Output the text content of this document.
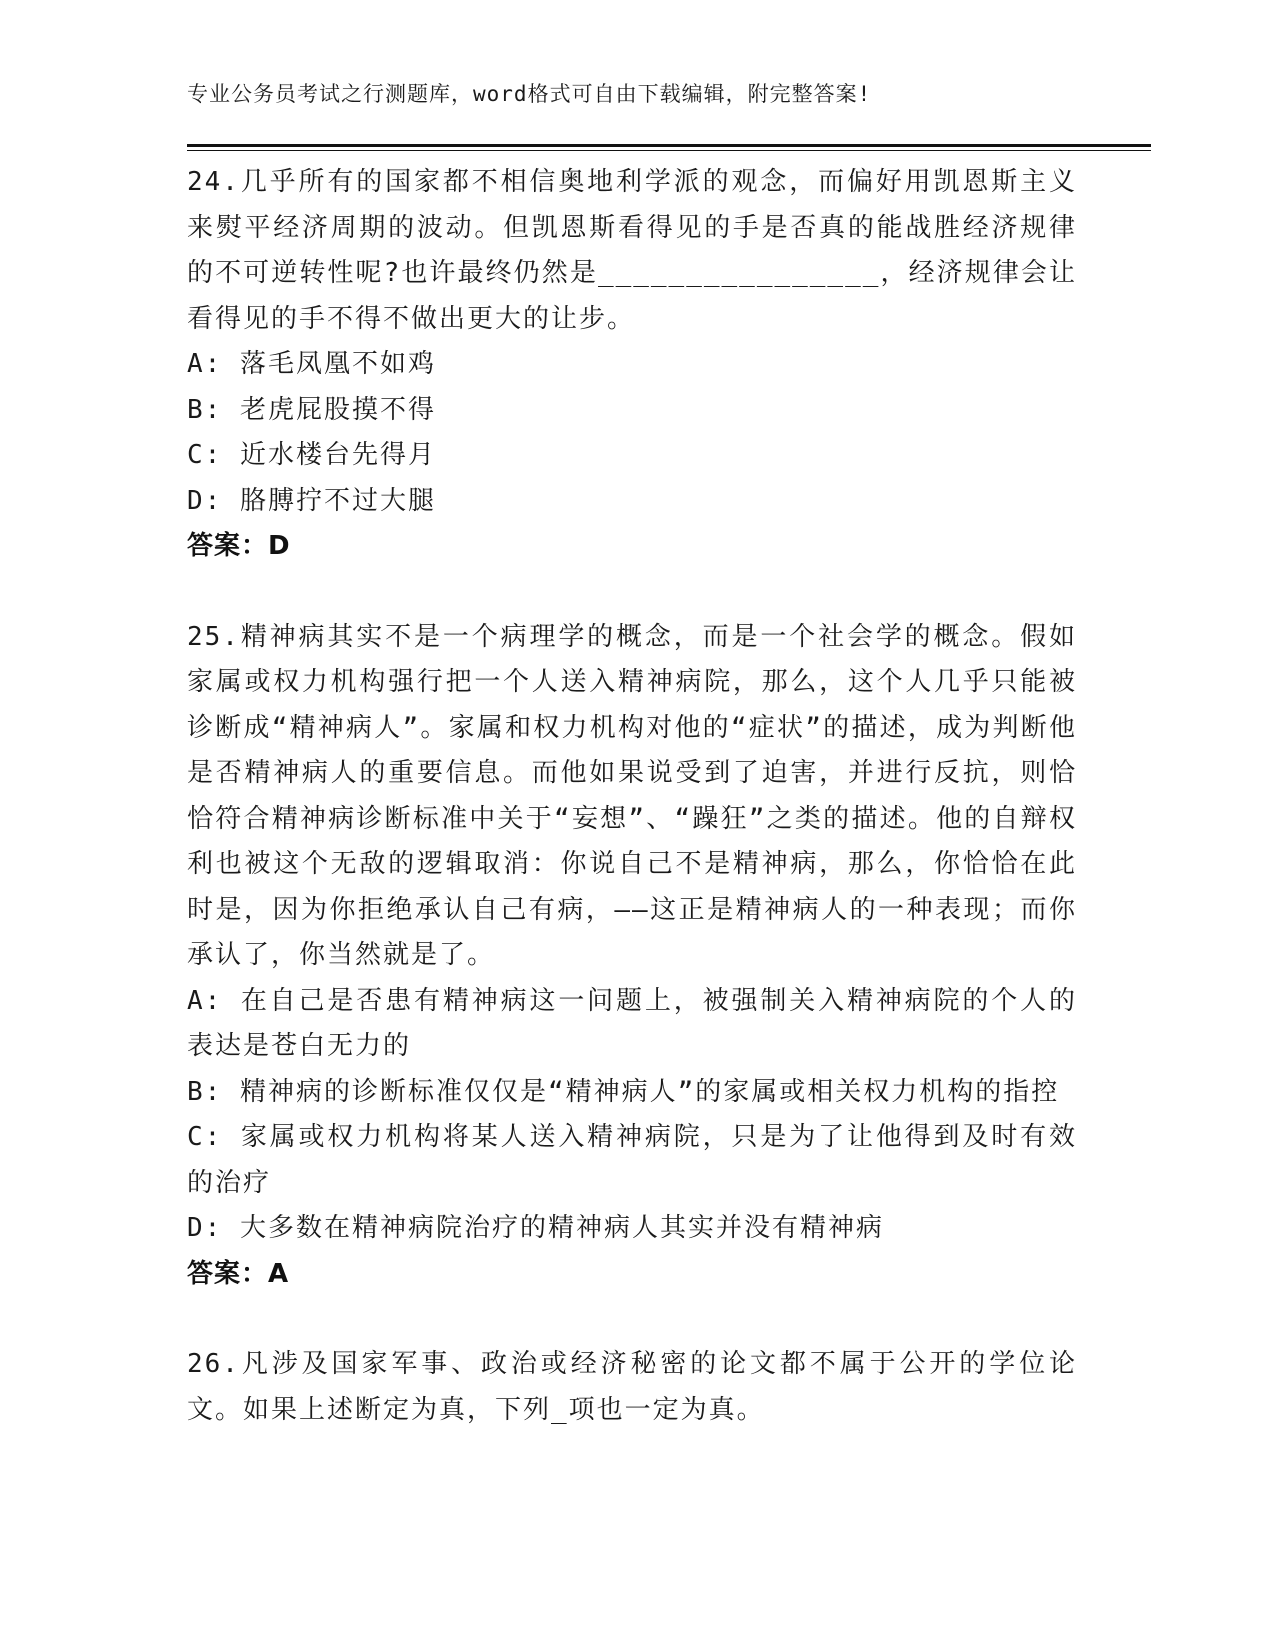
专业公务员考试之行测题库，word格式可自由下载编辑，附完整答案!

24.几乎所有的国家都不相信奥地利学派的观念，而偏好用凯恩斯主义来熨平经济周期的波动。但凯恩斯看得见的手是否真的能战胜经济规律的不可逆转性呢?也许最终仍然是________________，经济规律会让看得见的手不得不做出更大的让步。

A: 落毛凤凰不如鸡

B: 老虎屁股摸不得

C: 近水楼台先得月

D: 胳膊拧不过大腿

答案：D

25.精神病其实不是一个病理学的概念，而是一个社会学的概念。假如家属或权力机构强行把一个人送入精神病院，那么，这个人几乎只能被诊断成“精神病人”。家属和权力机构对他的“症状”的描述，成为判断他是否精神病人的重要信息。而他如果说受到了迫害，并进行反抗，则恰恰符合精神病诊断标准中关于“妄想”、“躁狂”之类的描述。他的自辩权利也被这个无敌的逻辑取消：你说自己不是精神病，那么，你恰恰在此时是，因为你拒绝承认自己有病，——这正是精神病人的一种表现；而你承认了，你当然就是了。

A: 在自己是否患有精神病这一问题上，被强制关入精神病院的个人的表达是苍白无力的

B: 精神病的诊断标准仅仅是“精神病人”的家属或相关权力机构的指控

C: 家属或权力机构将某人送入精神病院，只是为了让他得到及时有效的治疗

D: 大多数在精神病院治疗的精神病人其实并没有精神病

答案：A

26.凡涉及国家军事、政治或经济秘密的论文都不属于公开的学位论文。如果上述断定为真，下列_项也一定为真。
